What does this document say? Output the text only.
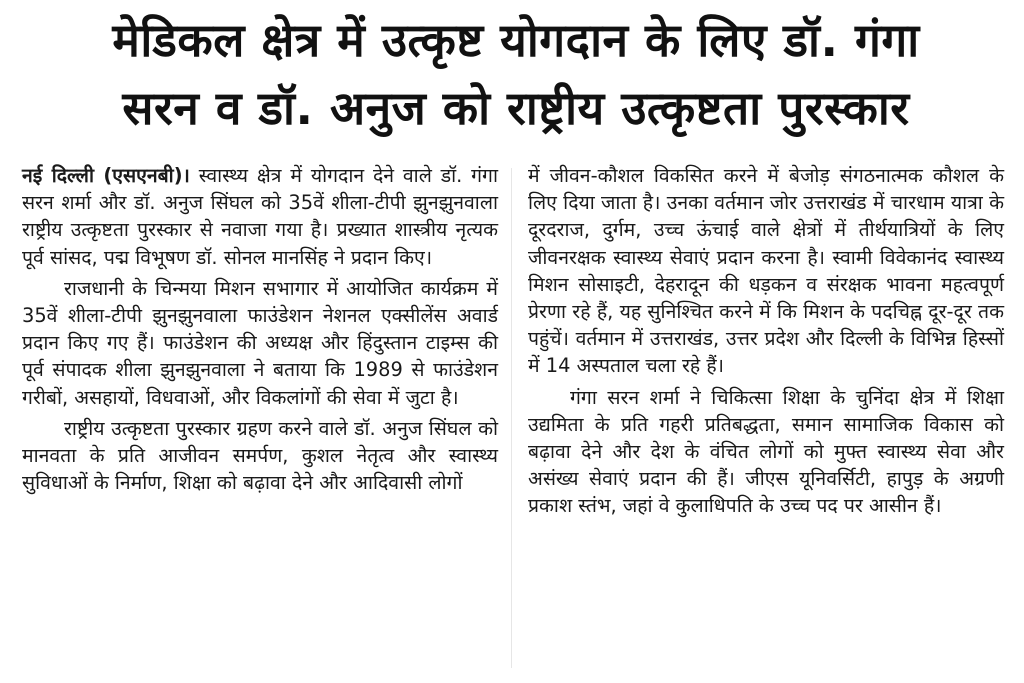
मेडिकल क्षेत्र में उत्कृष्ट योगदान के लिए डॉ. गंगा
सरन व डॉ. अनुज को राष्ट्रीय उत्कृष्टता पुरस्कार

नई दिल्ली (एसएनबी)। स्वास्थ्य क्षेत्र में योगदान देने वाले डॉ. गंगा सरन शर्मा और डॉ. अनुज सिंघल को 35वें शीला-टीपी झुनझुनवाला राष्ट्रीय उत्कृष्टता पुरस्कार से नवाजा गया है। प्रख्यात शास्त्रीय नृत्यक पूर्व सांसद, पद्म विभूषण डॉ. सोनल मानसिंह ने प्रदान किए।

राजधानी के चिन्मया मिशन सभागार में आयोजित कार्यक्रम में 35वें शीला-टीपी झुनझुनवाला फाउंडेशन नेशनल एक्सीलेंस अवार्ड प्रदान किए गए हैं। फाउंडेशन की अध्यक्ष और हिंदुस्तान टाइम्स की पूर्व संपादक शीला झुनझुनवाला ने बताया कि 1989 से फाउंडेशन गरीबों, असहायों, विधवाओं, और विकलांगों की सेवा में जुटा है।

राष्ट्रीय उत्कृष्टता पुरस्कार ग्रहण करने वाले डॉ. अनुज सिंघल को मानवता के प्रति आजीवन समर्पण, कुशल नेतृत्व और स्वास्थ्य सुविधाओं के निर्माण, शिक्षा को बढ़ावा देने और आदिवासी लोगों

में जीवन-कौशल विकसित करने में बेजोड़ संगठनात्मक कौशल के लिए दिया जाता है। उनका वर्तमान जोर उत्तराखंड में चारधाम यात्रा के दूरदराज, दुर्गम, उच्च ऊंचाई वाले क्षेत्रों में तीर्थयात्रियों के लिए जीवनरक्षक स्वास्थ्य सेवाएं प्रदान करना है। स्वामी विवेकानंद स्वास्थ्य मिशन सोसाइटी, देहरादून की धड़कन व संरक्षक भावना महत्वपूर्ण प्रेरणा रहे हैं, यह सुनिश्चित करने में कि मिशन के पदचिह्न दूर-दूर तक पहुंचें। वर्तमान में उत्तराखंड, उत्तर प्रदेश और दिल्ली के विभिन्न हिस्सों में 14 अस्पताल चला रहे हैं।

गंगा सरन शर्मा ने चिकित्सा शिक्षा के चुनिंदा क्षेत्र में शिक्षा उद्यमिता के प्रति गहरी प्रतिबद्धता, समान सामाजिक विकास को बढ़ावा देने और देश के वंचित लोगों को मुफ्त स्वास्थ्य सेवा और असंख्य सेवाएं प्रदान की हैं। जीएस यूनिवर्सिटी, हापुड़ के अग्रणी प्रकाश स्तंभ, जहां वे कुलाधिपति के उच्च पद पर आसीन हैं।
